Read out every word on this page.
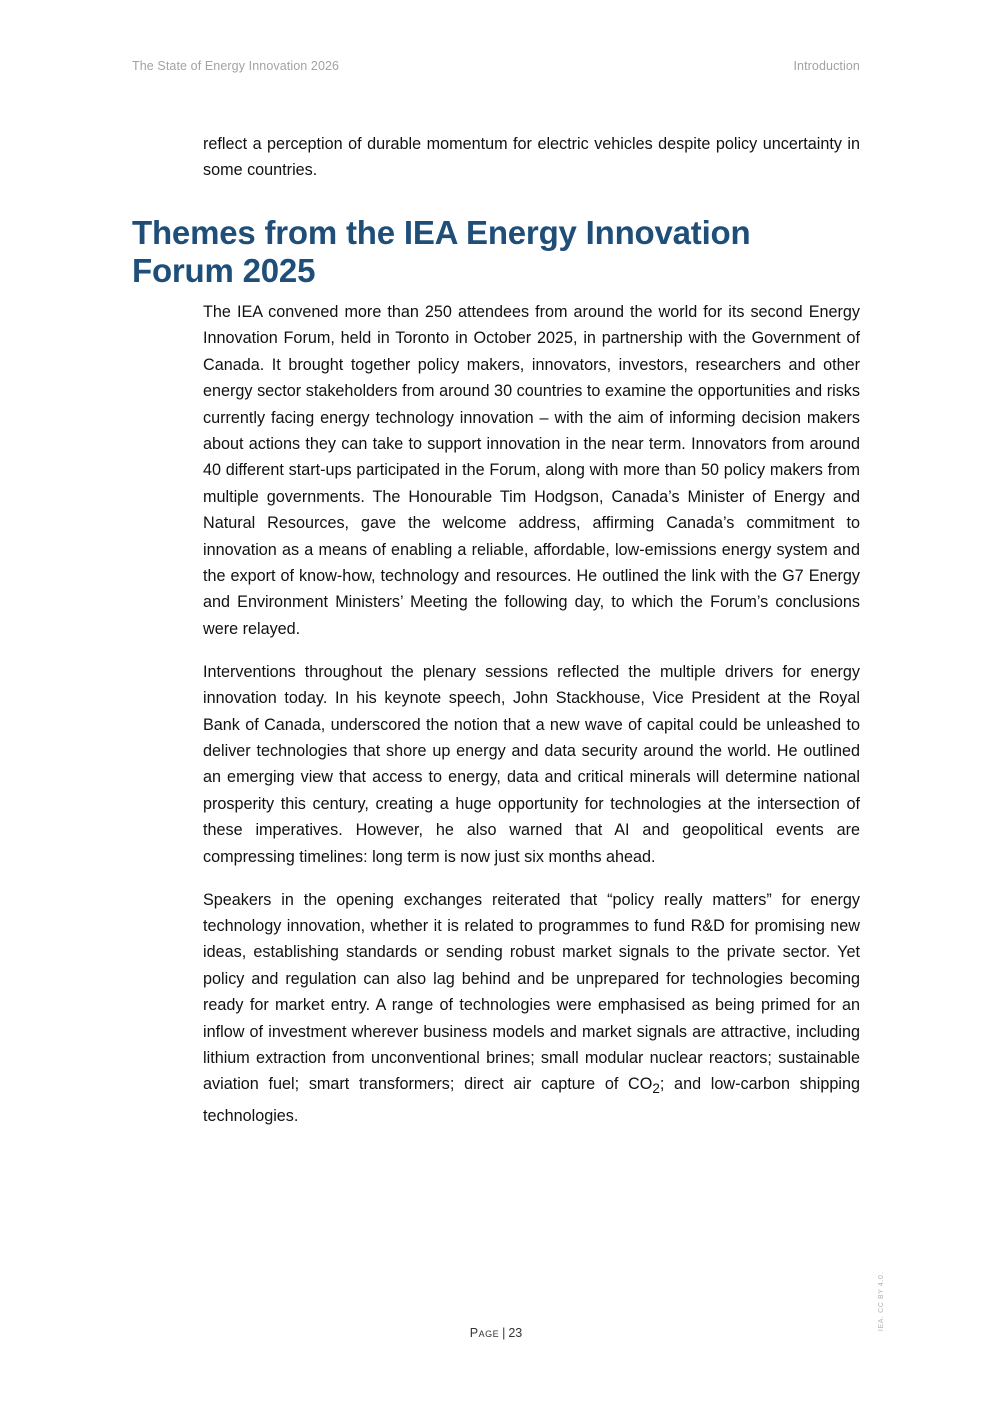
The State of Energy Innovation 2026	Introduction

reflect a perception of durable momentum for electric vehicles despite policy uncertainty in some countries.

Themes from the IEA Energy Innovation
Forum 2025

The IEA convened more than 250 attendees from around the world for its second Energy Innovation Forum, held in Toronto in October 2025, in partnership with the Government of Canada. It brought together policy makers, innovators, investors, researchers and other energy sector stakeholders from around 30 countries to examine the opportunities and risks currently facing energy technology innovation – with the aim of informing decision makers about actions they can take to support innovation in the near term. Innovators from around 40 different start-ups participated in the Forum, along with more than 50 policy makers from multiple governments. The Honourable Tim Hodgson, Canada’s Minister of Energy and Natural Resources, gave the welcome address, affirming Canada’s commitment to innovation as a means of enabling a reliable, affordable, low-emissions energy system and the export of know-how, technology and resources. He outlined the link with the G7 Energy and Environment Ministers’ Meeting the following day, to which the Forum’s conclusions were relayed.

Interventions throughout the plenary sessions reflected the multiple drivers for energy innovation today. In his keynote speech, John Stackhouse, Vice President at the Royal Bank of Canada, underscored the notion that a new wave of capital could be unleashed to deliver technologies that shore up energy and data security around the world. He outlined an emerging view that access to energy, data and critical minerals will determine national prosperity this century, creating a huge opportunity for technologies at the intersection of these imperatives. However, he also warned that AI and geopolitical events are compressing timelines: long term is now just six months ahead.

Speakers in the opening exchanges reiterated that “policy really matters” for energy technology innovation, whether it is related to programmes to fund R&D for promising new ideas, establishing standards or sending robust market signals to the private sector. Yet policy and regulation can also lag behind and be unprepared for technologies becoming ready for market entry. A range of technologies were emphasised as being primed for an inflow of investment wherever business models and market signals are attractive, including lithium extraction from unconventional brines; small modular nuclear reactors; sustainable aviation fuel; smart transformers; direct air capture of $CO_2$; and low-carbon shipping technologies.

Page | 23
IEA. CC BY 4.0.
